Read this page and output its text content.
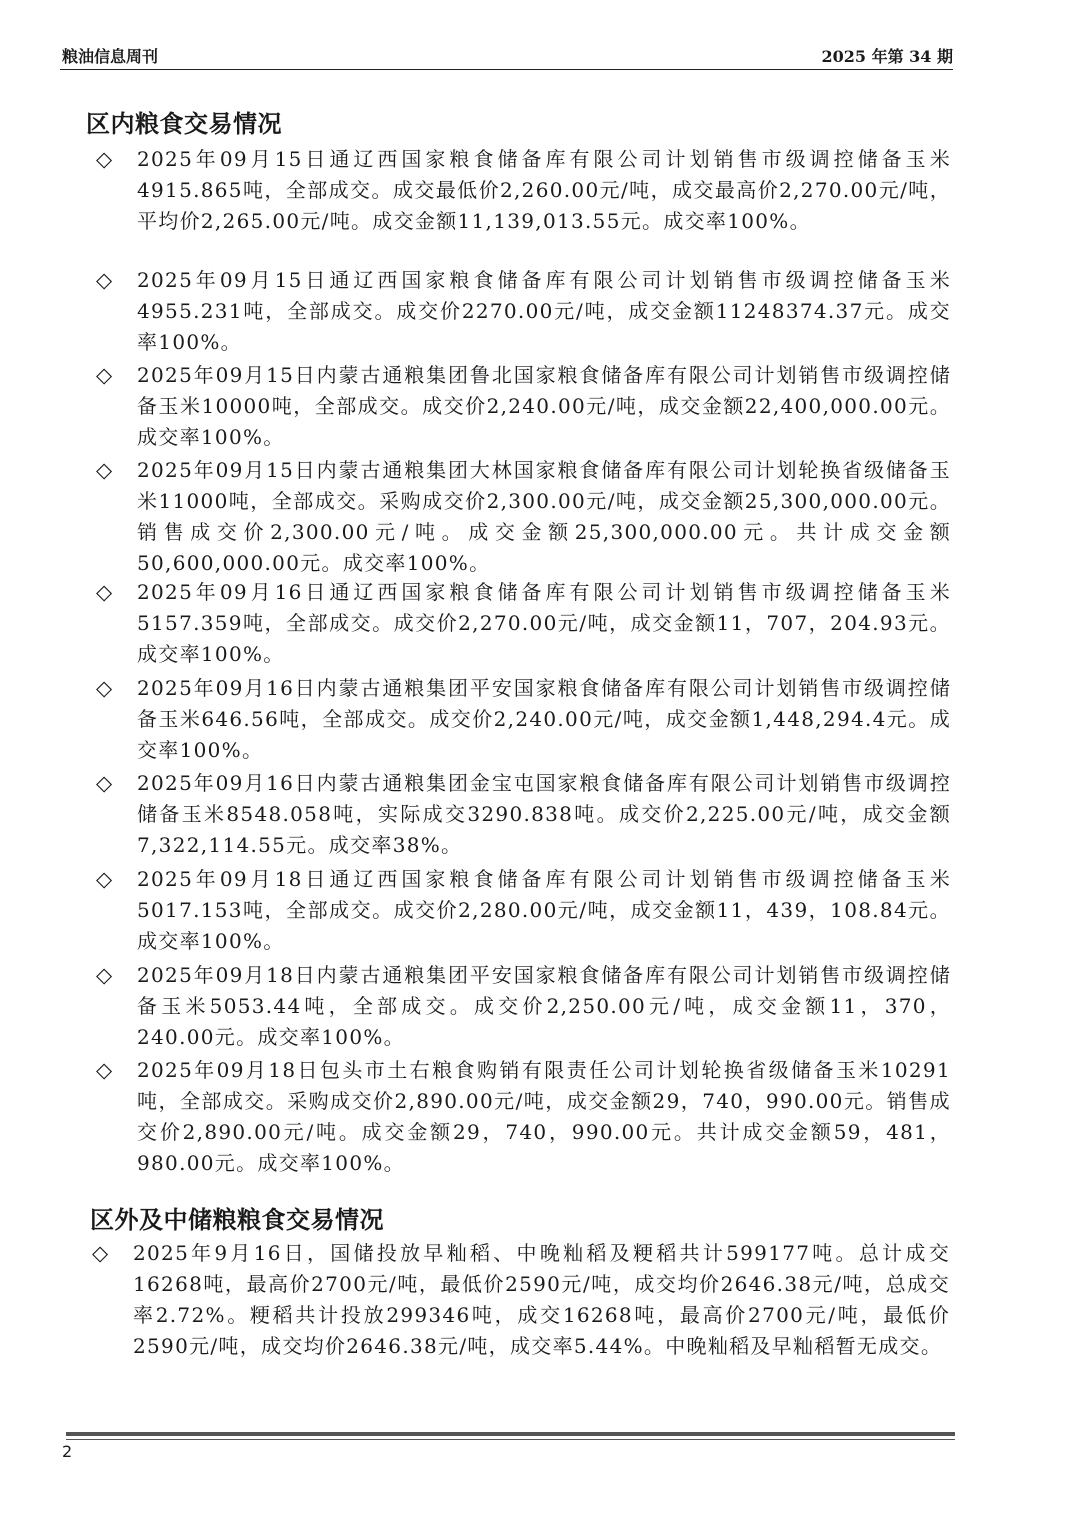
粮油信息周刊	2025 年第 34 期
区内粮食交易情况
◇ 2025年09月15日通辽西国家粮食储备库有限公司计划销售市级调控储备玉米4915.865吨，全部成交。成交最低价2,260.00元/吨，成交最高价2,270.00元/吨，平均价2,265.00元/吨。成交金额11,139,013.55元。成交率100%。
◇ 2025年09月15日通辽西国家粮食储备库有限公司计划销售市级调控储备玉米4955.231吨，全部成交。成交价2270.00元/吨，成交金额11248374.37元。成交率100%。
◇ 2025年09月15日内蒙古通粮集团鲁北国家粮食储备库有限公司计划销售市级调控储备玉米10000吨，全部成交。成交价2,240.00元/吨，成交金额22,400,000.00元。成交率100%。
◇ 2025年09月15日内蒙古通粮集团大林国家粮食储备库有限公司计划轮换省级储备玉米11000吨，全部成交。采购成交价2,300.00元/吨，成交金额25,300,000.00元。销售成交价2,300.00元/吨。成交金额25,300,000.00元。共计成交金额50,600,000.00元。成交率100%。
◇ 2025年09月16日通辽西国家粮食储备库有限公司计划销售市级调控储备玉米5157.359吨，全部成交。成交价2,270.00元/吨，成交金额11，707，204.93元。成交率100%。
◇ 2025年09月16日内蒙古通粮集团平安国家粮食储备库有限公司计划销售市级调控储备玉米646.56吨，全部成交。成交价2,240.00元/吨，成交金额1,448,294.4元。成交率100%。
◇ 2025年09月16日内蒙古通粮集团金宝屯国家粮食储备库有限公司计划销售市级调控储备玉米8548.058吨，实际成交3290.838吨。成交价2,225.00元/吨，成交金额7,322,114.55元。成交率38%。
◇ 2025年09月18日通辽西国家粮食储备库有限公司计划销售市级调控储备玉米5017.153吨，全部成交。成交价2,280.00元/吨，成交金额11，439，108.84元。成交率100%。
◇ 2025年09月18日内蒙古通粮集团平安国家粮食储备库有限公司计划销售市级调控储备玉米5053.44吨，全部成交。成交价2,250.00元/吨，成交金额11，370，240.00元。成交率100%。
◇ 2025年09月18日包头市土右粮食购销有限责任公司计划轮换省级储备玉米10291吨，全部成交。采购成交价2,890.00元/吨，成交金额29，740，990.00元。销售成交价2,890.00元/吨。成交金额29，740，990.00元。共计成交金额59，481，980.00元。成交率100%。
区外及中储粮粮食交易情况
◇ 2025年9月16日，国储投放早籼稻、中晚籼稻及粳稻共计599177吨。总计成交16268吨，最高价2700元/吨，最低价2590元/吨，成交均价2646.38元/吨，总成交率2.72%。粳稻共计投放299346吨，成交16268吨，最高价2700元/吨，最低价2590元/吨，成交均价2646.38元/吨，成交率5.44%。中晚籼稻及早籼稻暂无成交。
2
